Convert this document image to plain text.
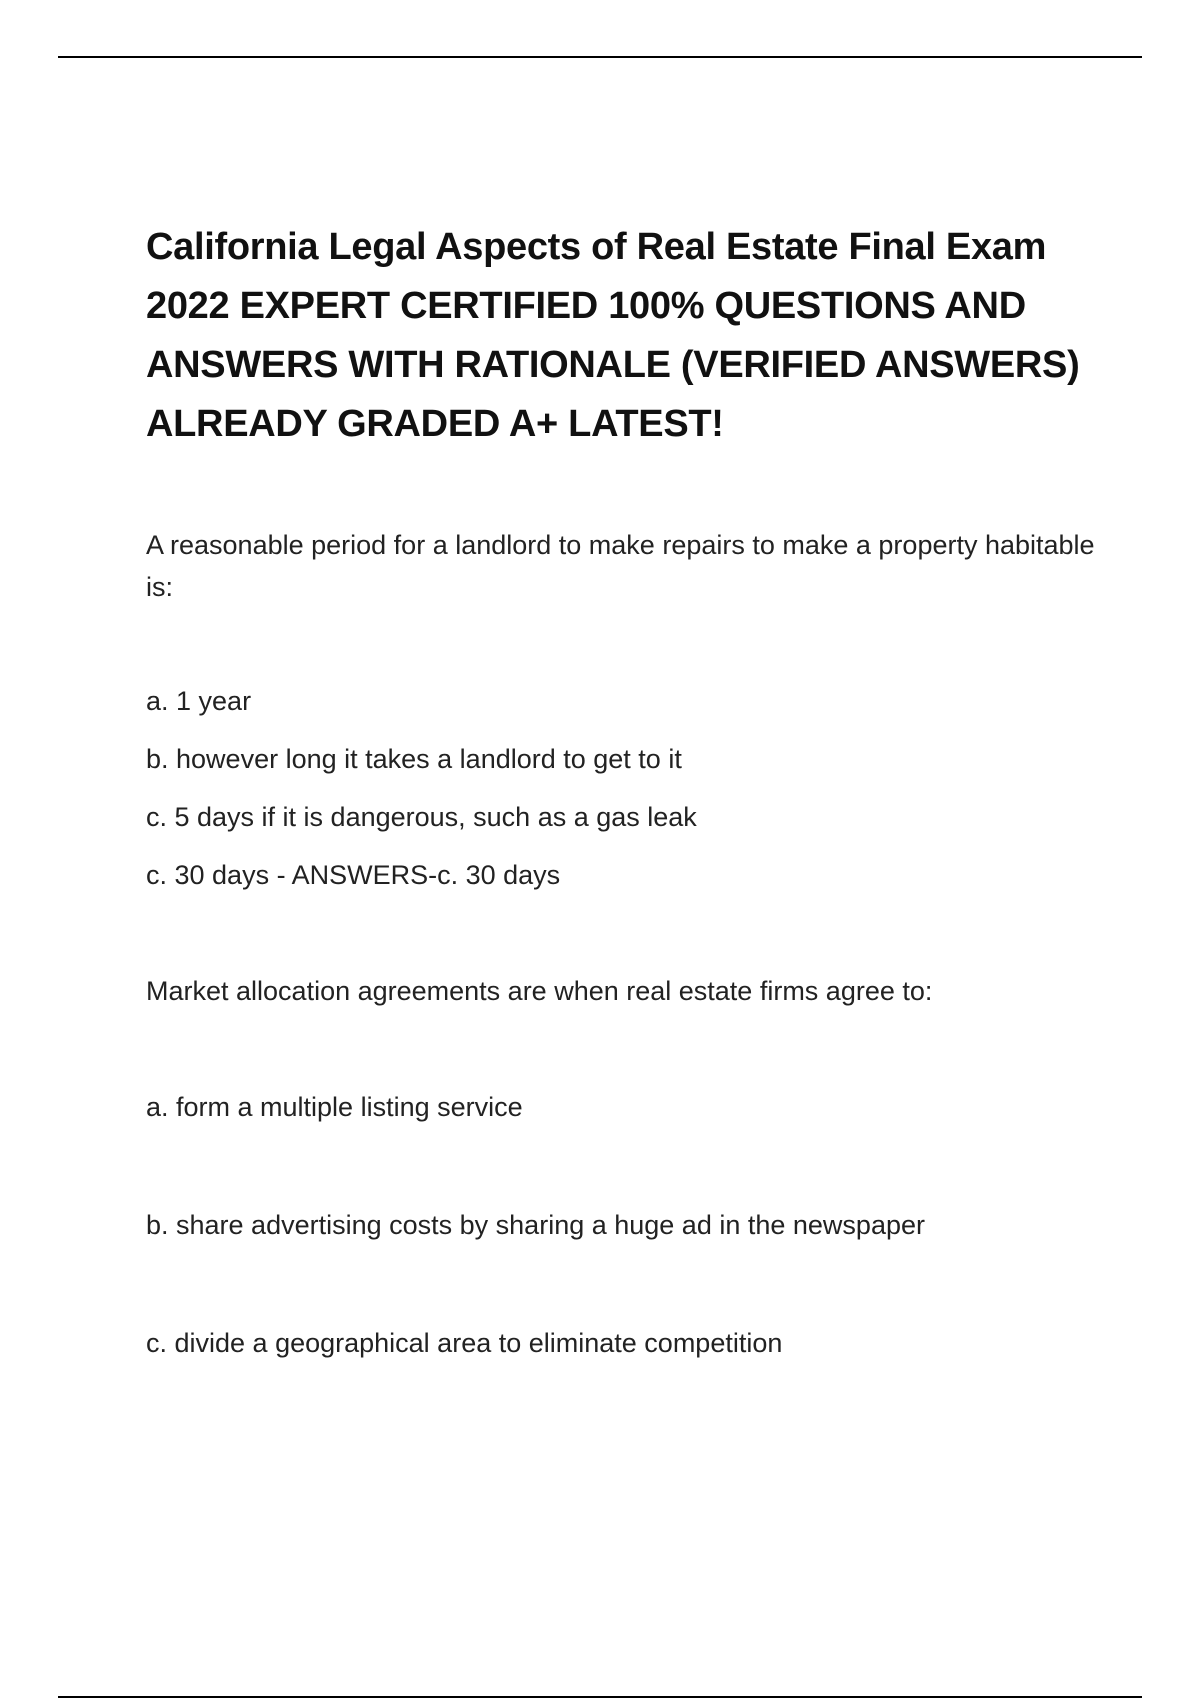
California Legal Aspects of Real Estate Final Exam 2022 EXPERT CERTIFIED 100% QUESTIONS AND ANSWERS WITH RATIONALE (VERIFIED ANSWERS) ALREADY GRADED A+ LATEST!

A reasonable period for a landlord to make repairs to make a property habitable is:

a. 1 year

b. however long it takes a landlord to get to it

c. 5 days if it is dangerous, such as a gas leak

c. 30 days - ANSWERS-c. 30 days

Market allocation agreements are when real estate firms agree to:

a. form a multiple listing service

b. share advertising costs by sharing a huge ad in the newspaper

c. divide a geographical area to eliminate competition
